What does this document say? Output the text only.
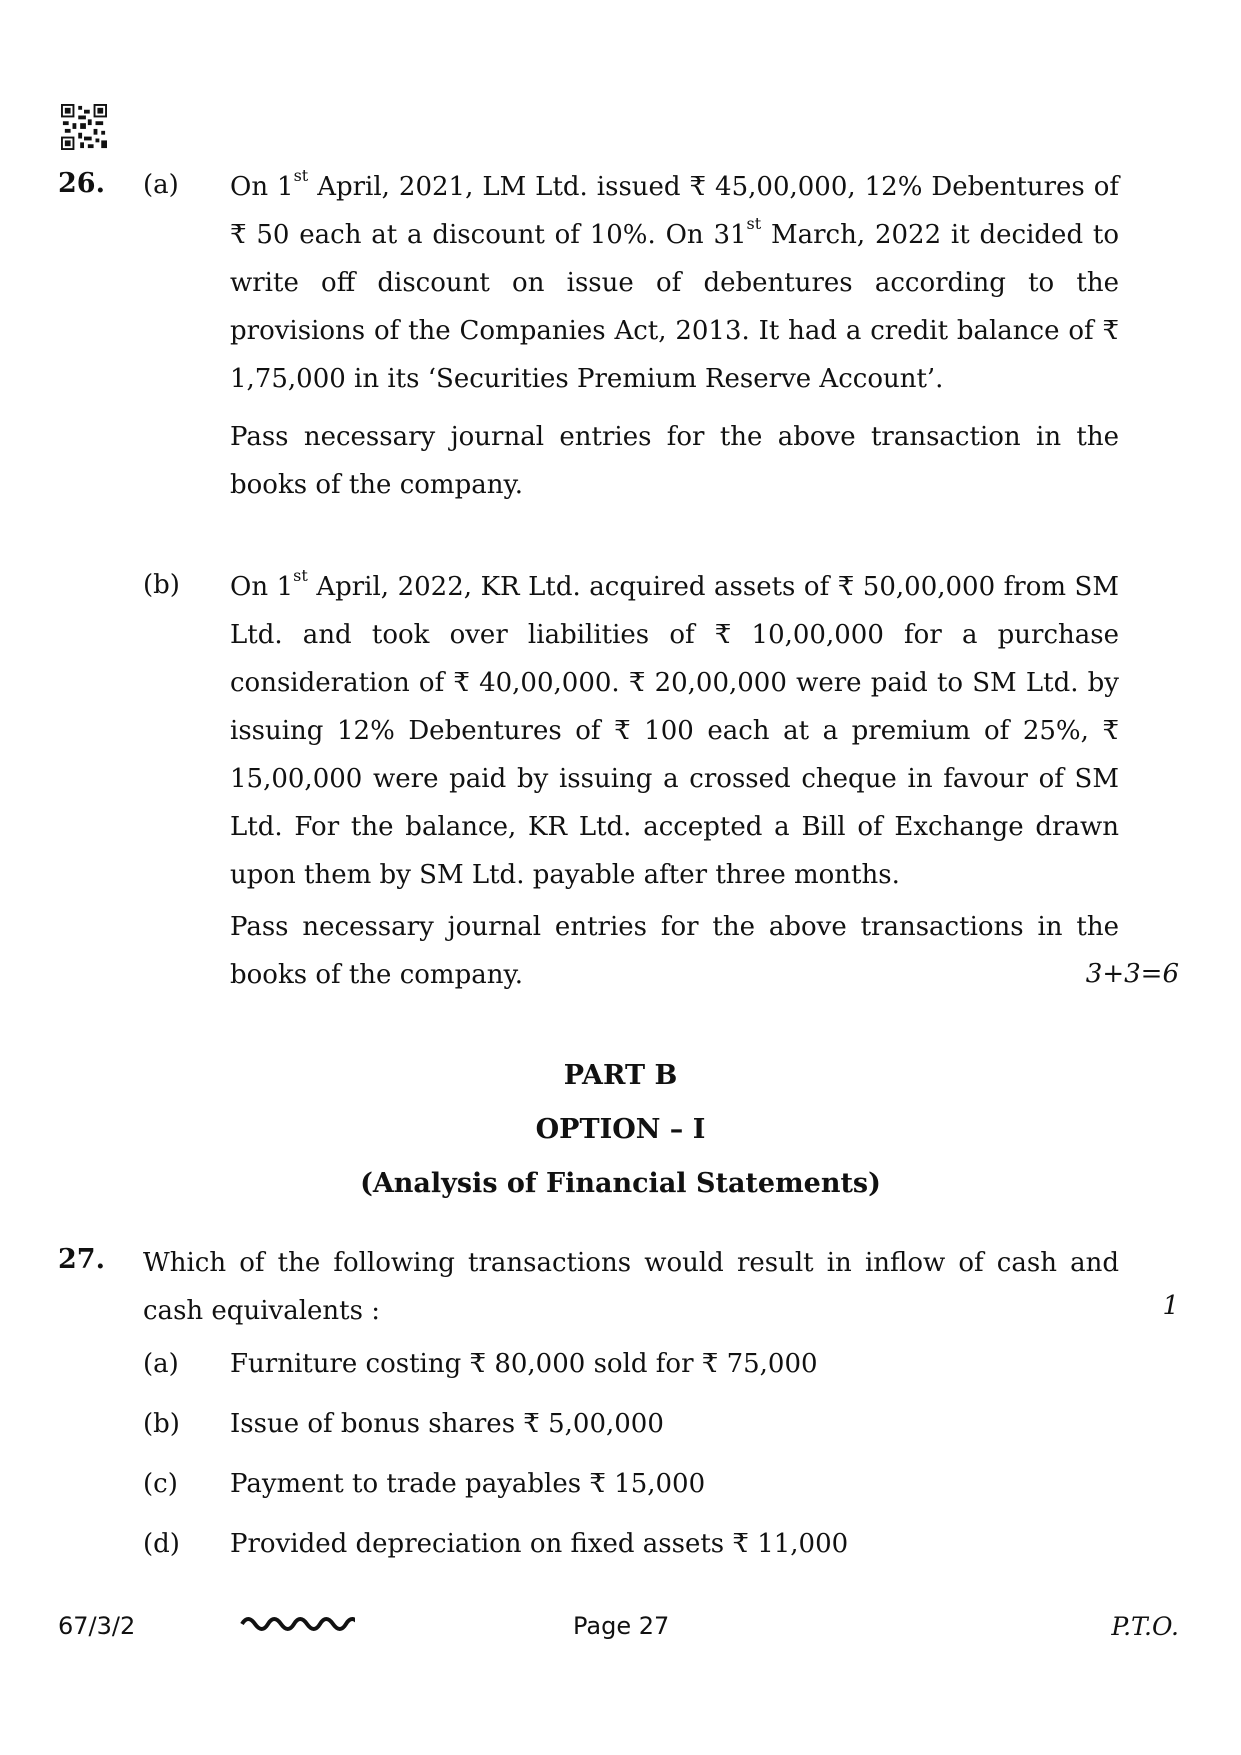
26. (a) On 1st April, 2021, LM Ltd. issued ₹ 45,00,000, 12% Debentures of ₹ 50 each at a discount of 10%. On 31st March, 2022 it decided to write off discount on issue of debentures according to the provisions of the Companies Act, 2013. It had a credit balance of ₹ 1,75,000 in its ‘Securities Premium Reserve Account’.
Pass necessary journal entries for the above transaction in the books of the company.
(b) On 1st April, 2022, KR Ltd. acquired assets of ₹ 50,00,000 from SM Ltd. and took over liabilities of ₹ 10,00,000 for a purchase consideration of ₹ 40,00,000. ₹ 20,00,000 were paid to SM Ltd. by issuing 12% Debentures of ₹ 100 each at a premium of 25%, ₹ 15,00,000 were paid by issuing a crossed cheque in favour of SM Ltd. For the balance, KR Ltd. accepted a Bill of Exchange drawn upon them by SM Ltd. payable after three months.
Pass necessary journal entries for the above transactions in the books of the company.	3+3=6
PART B
OPTION – I
(Analysis of Financial Statements)
27. Which of the following transactions would result in inflow of cash and cash equivalents :	1
(a) Furniture costing ₹ 80,000 sold for ₹ 75,000
(b) Issue of bonus shares ₹ 5,00,000
(c) Payment to trade payables ₹ 15,000
(d) Provided depreciation on fixed assets ₹ 11,000
67/3/2	Page 27	P.T.O.
